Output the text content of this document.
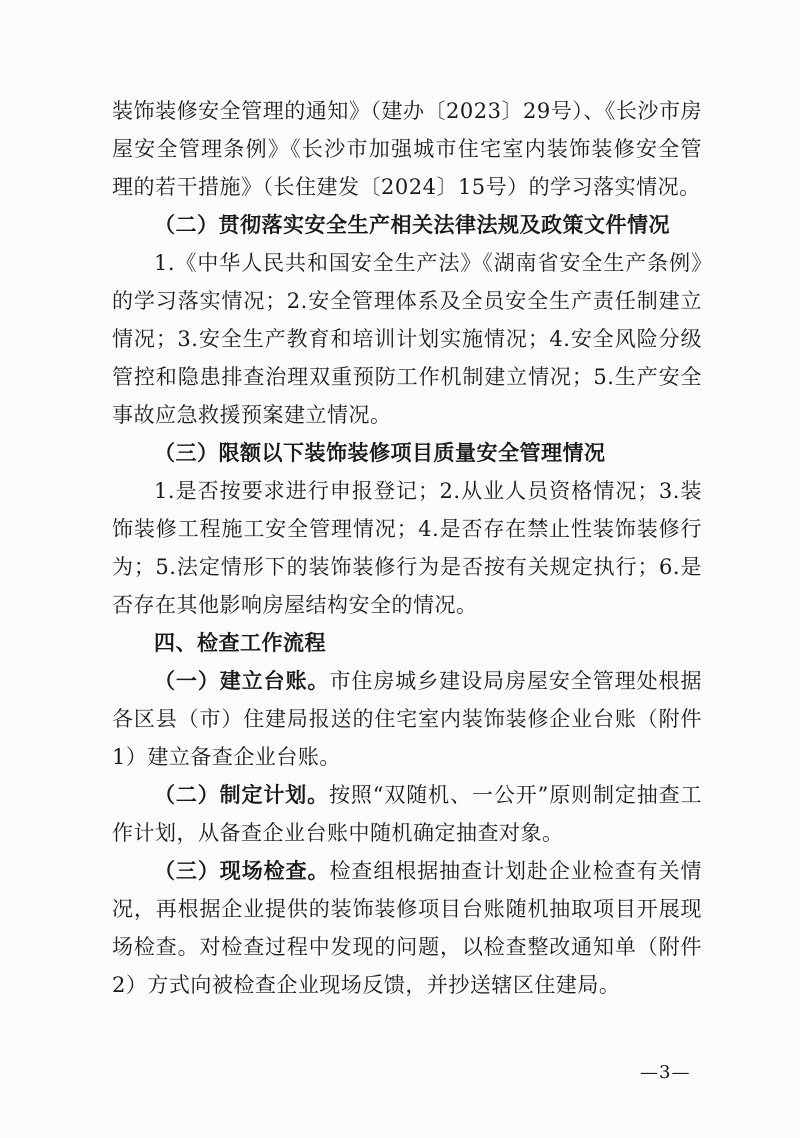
装饰装修安全管理的通知》（建办〔2023〕29号）、《长沙市房屋安全管理条例》《长沙市加强城市住宅室内装饰装修安全管理的若干措施》（长住建发〔2024〕15号）的学习落实情况。

（二）贯彻落实安全生产相关法律法规及政策文件情况

1.《中华人民共和国安全生产法》《湖南省安全生产条例》的学习落实情况；2.安全管理体系及全员安全生产责任制建立情况；3.安全生产教育和培训计划实施情况；4.安全风险分级管控和隐患排查治理双重预防工作机制建立情况；5.生产安全事故应急救援预案建立情况。

（三）限额以下装饰装修项目质量安全管理情况

1.是否按要求进行申报登记；2.从业人员资格情况；3.装饰装修工程施工安全管理情况；4.是否存在禁止性装饰装修行为；5.法定情形下的装饰装修行为是否按有关规定执行；6.是否存在其他影响房屋结构安全的情况。

四、检查工作流程

（一）建立台账。市住房城乡建设局房屋安全管理处根据各区县（市）住建局报送的住宅室内装饰装修企业台账（附件1）建立备查企业台账。

（二）制定计划。按照“双随机、一公开”原则制定抽查工作计划，从备查企业台账中随机确定抽查对象。

（三）现场检查。检查组根据抽查计划赴企业检查有关情况，再根据企业提供的装饰装修项目台账随机抽取项目开展现场检查。对检查过程中发现的问题，以检查整改通知单（附件2）方式向被检查企业现场反馈，并抄送辖区住建局。

—3—
